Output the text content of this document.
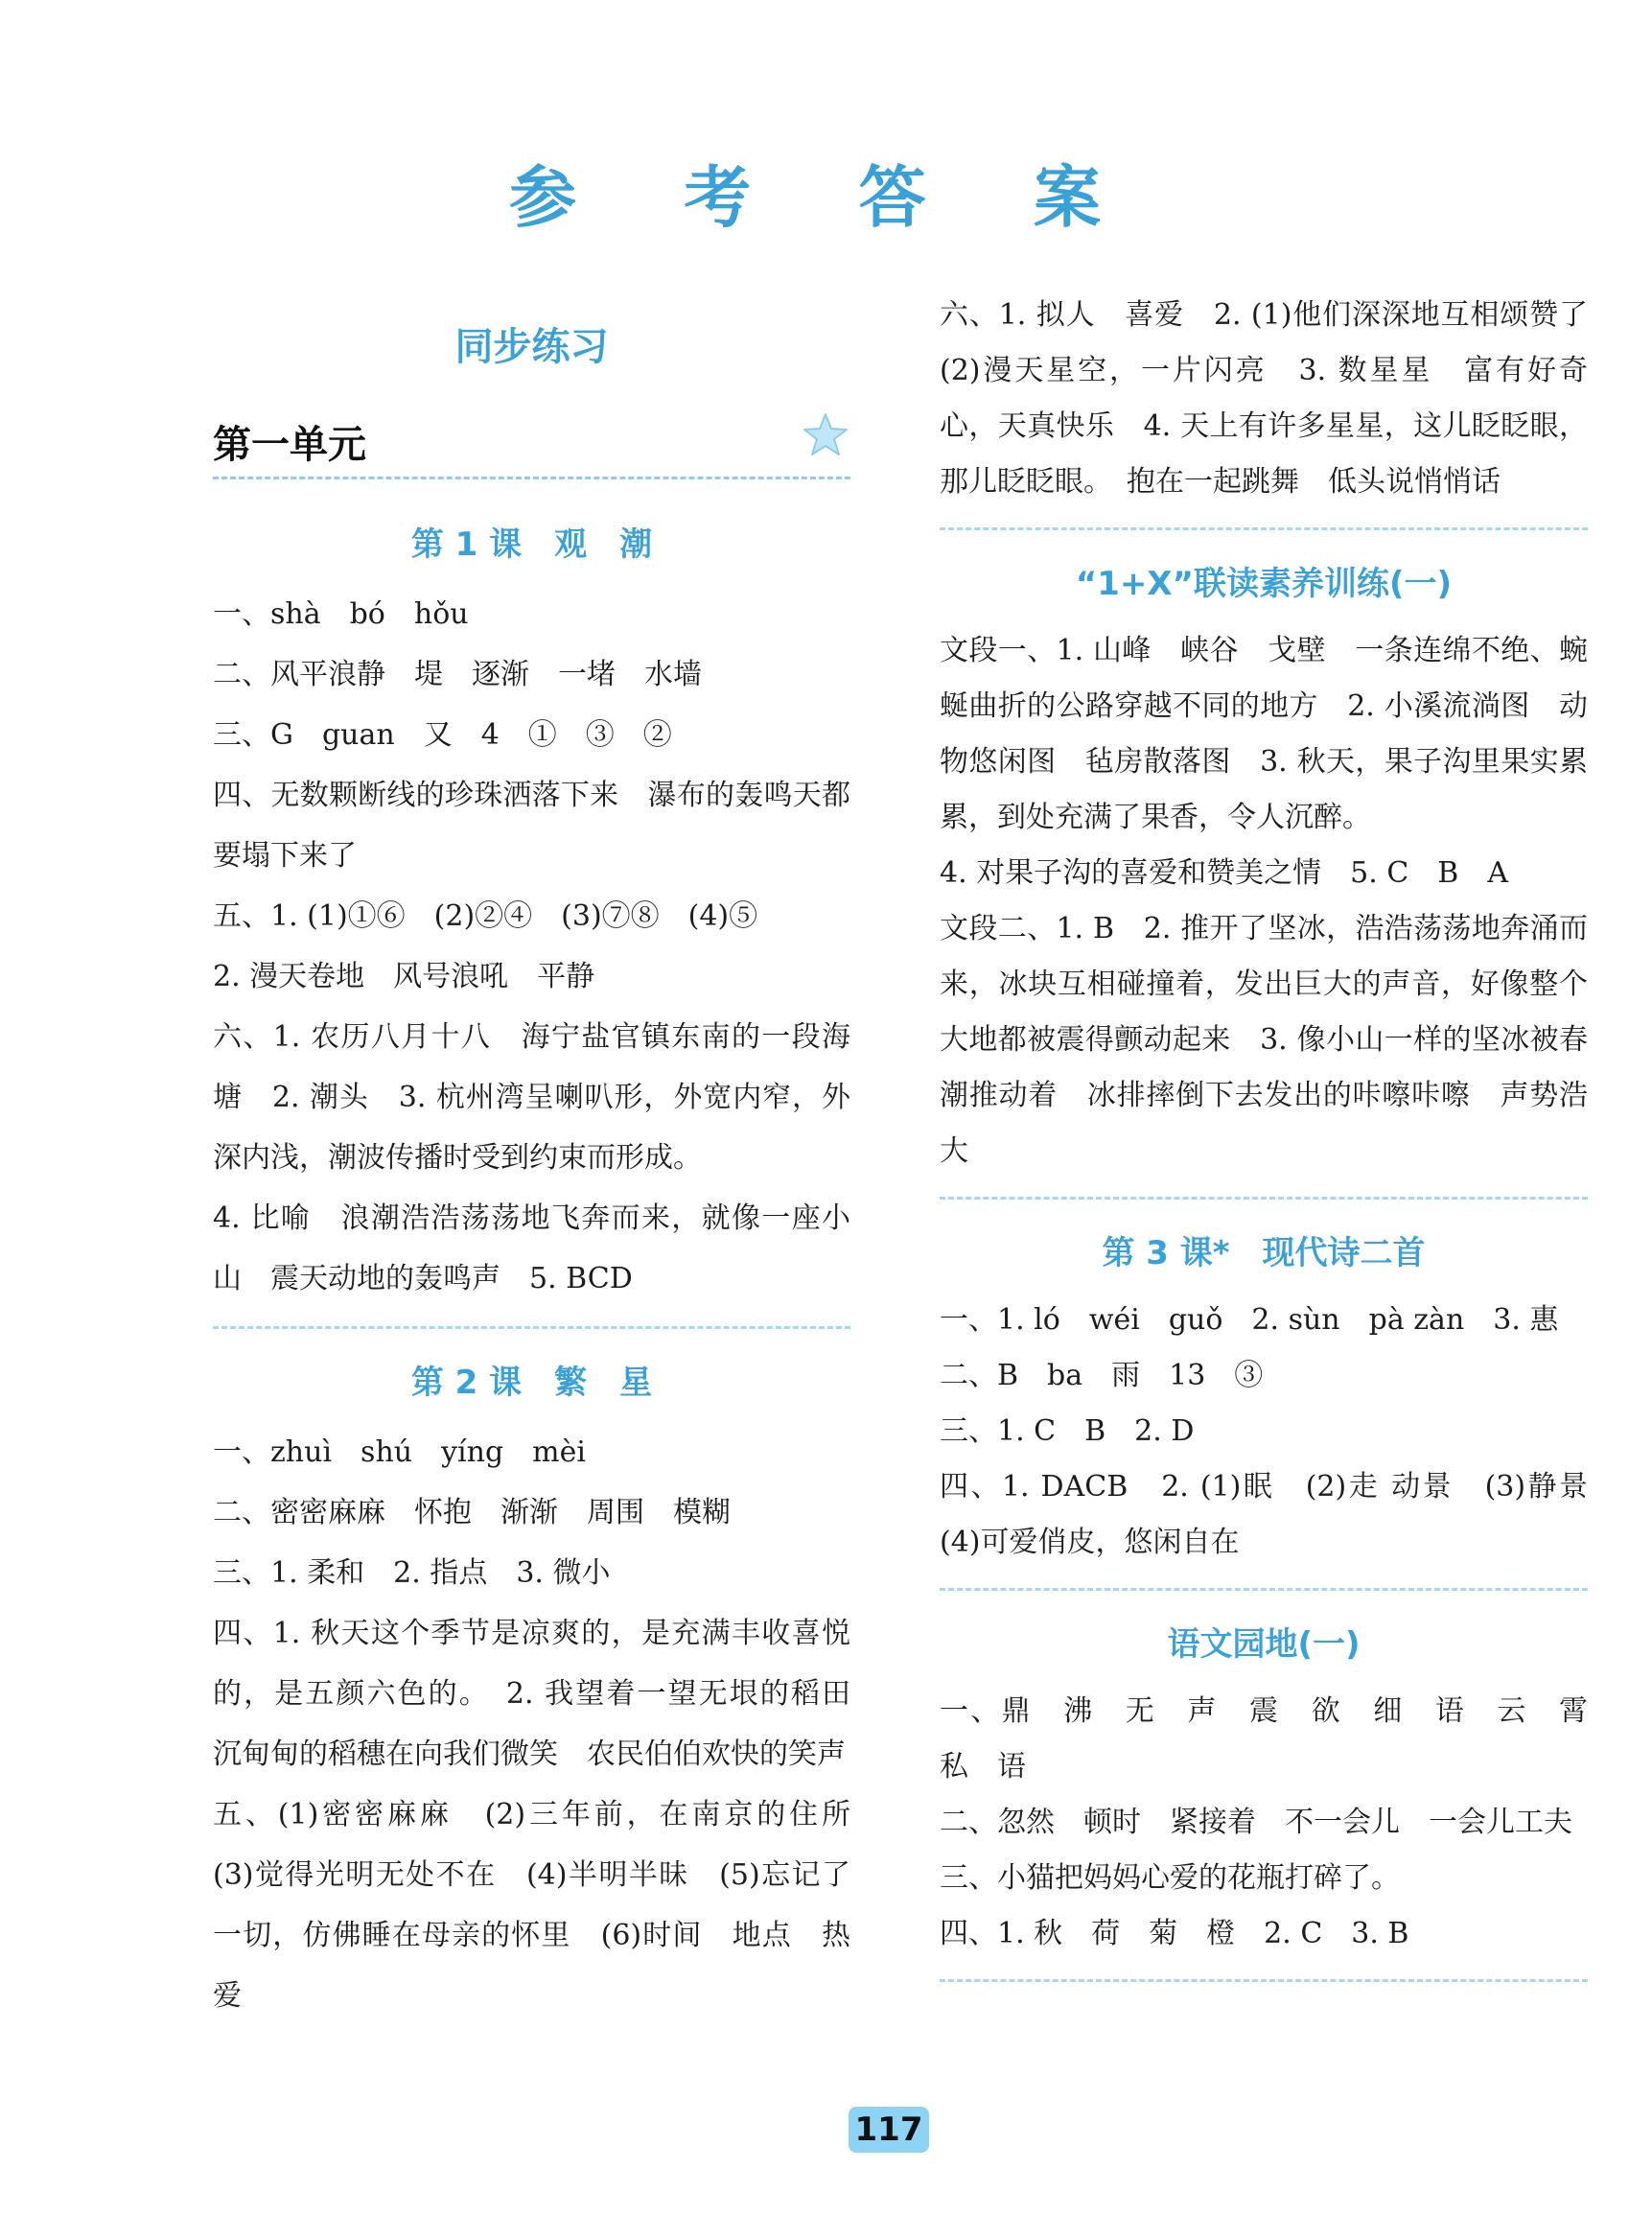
参 考 答 案
同步练习
第一单元
第 1 课　观　潮

一、shà　bó　hǒu

二、风平浪静　堤　逐渐　一堵　水墙

三、G　guan　又　4　①　③　②

四、无数颗断线的珍珠洒落下来　瀑布的轰鸣天都要塌下来了

五、1. (1)①⑥　(2)②④　(3)⑦⑧　(4)⑤

2. 漫天卷地　风号浪吼　平静

六、1. 农历八月十八　海宁盐官镇东南的一段海塘　2. 潮头　3. 杭州湾呈喇叭形，外宽内窄，外深内浅，潮波传播时受到约束而形成。

4. 比喻　浪潮浩浩荡荡地飞奔而来，就像一座小山　震天动地的轰鸣声　5. BCD

第 2 课　繁　星

一、zhuì　shú　yíng　mèi

二、密密麻麻　怀抱　渐渐　周围　模糊

三、1. 柔和　2. 指点　3. 微小

四、1. 秋天这个季节是凉爽的，是充满丰收喜悦的，是五颜六色的。　2. 我望着一望无垠的稻田　沉甸甸的稻穗在向我们微笑　农民伯伯欢快的笑声

五、(1)密密麻麻　(2)三年前，在南京的住所　(3)觉得光明无处不在　(4)半明半昧　(5)忘记了一切，仿佛睡在母亲的怀里　(6)时间　地点　热爱

六、1. 拟人　喜爱　2. (1)他们深深地互相颂赞了　(2)漫天星空，一片闪亮　3. 数星星　富有好奇心，天真快乐　4. 天上有许多星星，这儿眨眨眼，那儿眨眨眼。　抱在一起跳舞　低头说悄悄话

“1+X”联读素养训练(一)

文段一、1. 山峰　峡谷　戈壁　一条连绵不绝、蜿蜒曲折的公路穿越不同的地方　2. 小溪流淌图　动物悠闲图　毡房散落图　3. 秋天，果子沟里果实累累，到处充满了果香，令人沉醉。

4. 对果子沟的喜爱和赞美之情　5. C　B　A

文段二、1. B　2. 推开了坚冰，浩浩荡荡地奔涌而来，冰块互相碰撞着，发出巨大的声音，好像整个大地都被震得颤动起来　3. 像小山一样的坚冰被春潮推动着　冰排摔倒下去发出的咔嚓咔嚓　声势浩大

第 3 课*　现代诗二首

一、1. ló　wéi　guǒ　2. sùn　pà zàn　3. 惠

二、B　ba　雨　13　③

三、1. C　B　2. D

四、1. DACB　2. (1)眠　(2)走 动景　(3)静景　(4)可爱俏皮，悠闲自在

语文园地(一)

一、鼎　沸　无　声　震　欲　细　语　云　霄　私　语

二、忽然　顿时　紧接着　不一会儿　一会儿工夫

三、小猫把妈妈心爱的花瓶打碎了。

四、1. 秋　荷　菊　橙　2. C　3. B

117
